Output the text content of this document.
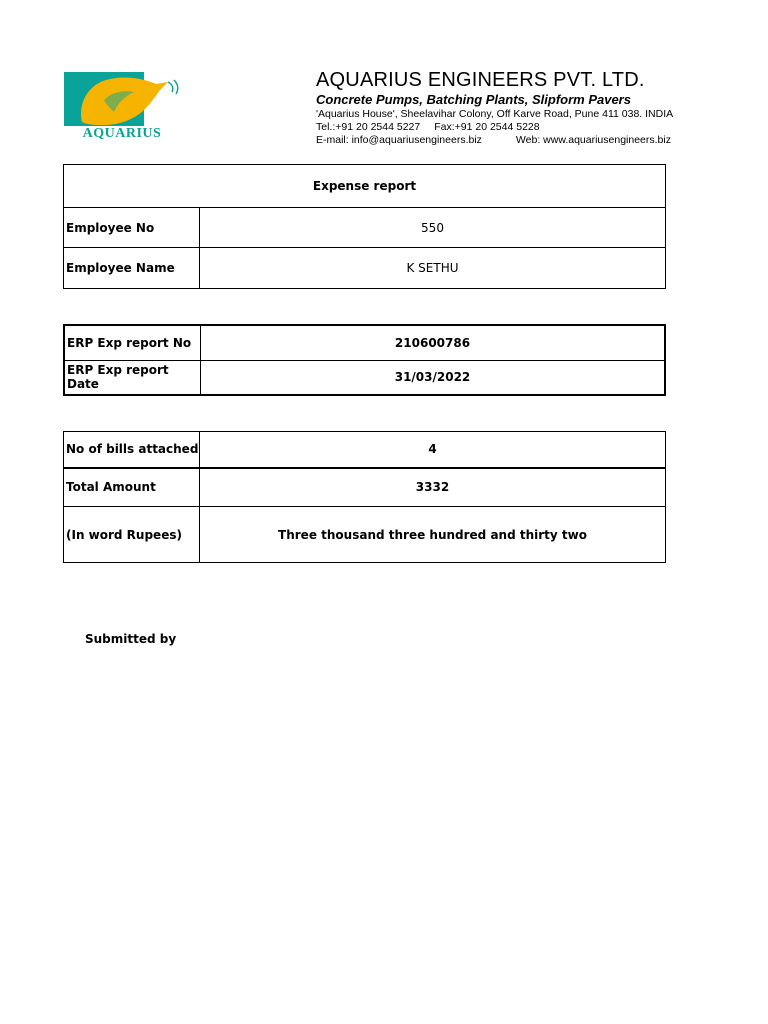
AQUARIUS
AQUARIUS ENGINEERS PVT. LTD.
Concrete Pumps, Batching Plants, Slipform Pavers
'Aquarius House', Sheelavihar Colony, Off Karve Road, Pune 411 038. INDIA
Tel.:+91 20 2544 5227 Fax:+91 20 2544 5228
E-mail: info@aquariusengineers.biz	Web: www.aquariusengineers.biz
Expense report	
Employee No	550
Employee Name	K SETHU
ERP Exp report No	210600786
ERP Exp report Date	31/03/2022
No of bills attached	4
Total Amount	3332
(In word Rupees)	Three thousand three hundred and thirty two
Submitted by
